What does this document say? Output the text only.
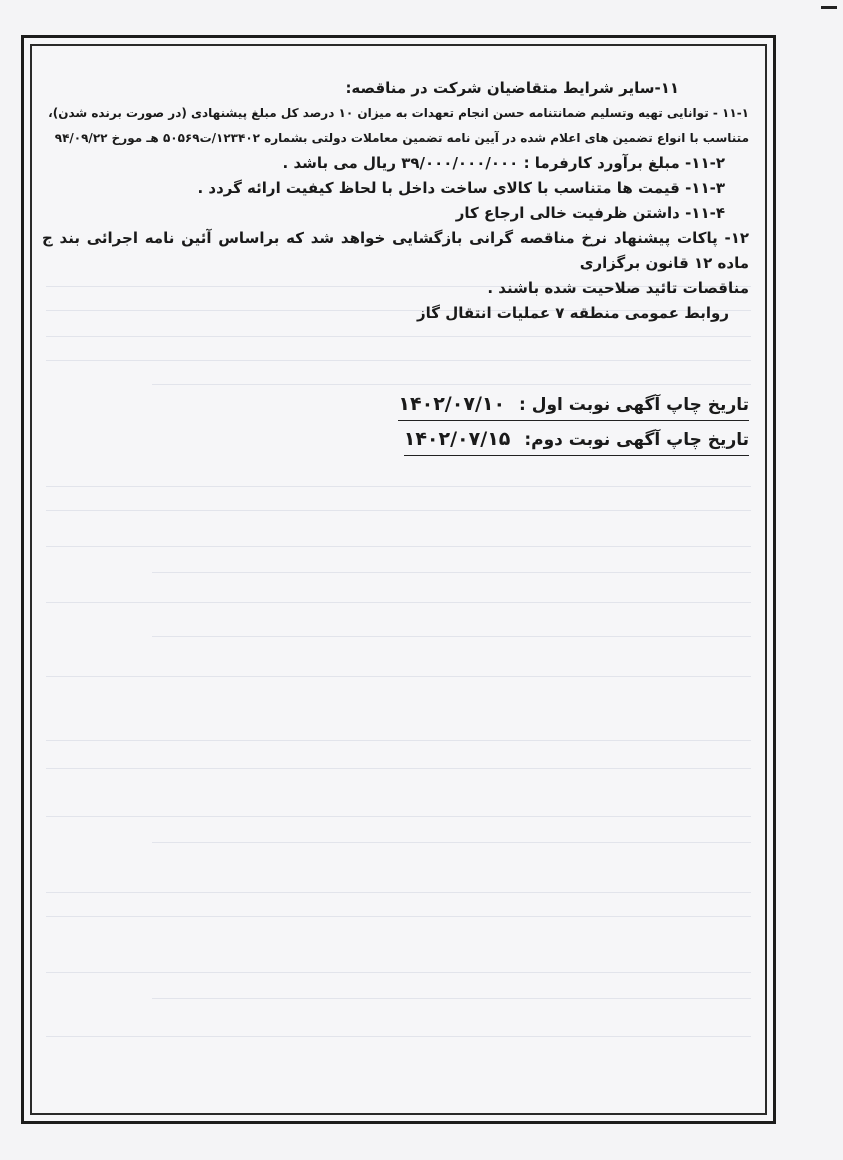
۱۱-سایر شرایط متقاضیان شرکت در مناقصه:
۱۱-۱ - توانایی تهیه وتسلیم ضمانتنامه حسن انجام تعهدات به میزان ۱۰ درصد کل مبلغ پیشنهادی (در صورت برنده شدن)،
متناسب با انواع تضمین های اعلام شده در آیین نامه تضمین معاملات دولتی بشماره ۱۲۳۴۰۲/ت۵۰۵۶۹ هـ مورخ ۹۴/۰۹/۲۲
۱۱-۲- مبلغ برآورد کارفرما : ۳۹/۰۰۰/۰۰۰/۰۰۰ ریال می باشد .
۱۱-۳- قیمت ها متناسب با کالای ساخت داخل با لحاظ کیفیت ارائه گردد .
۱۱-۴- داشتن ظرفیت خالی ارجاع کار
۱۲- پاکات پیشنهاد نرخ مناقصه گرانی بازگشایی خواهد شد که براساس آئین نامه اجرائی بند ج ماده ۱۲ قانون برگزاری
مناقصات تائید صلاحیت شده باشند .
روابط عمومی منطقه ۷ عملیات انتقال گاز
تاریخ چاپ آگهی نوبت اول : ۱۴۰۲/۰۷/۱۰
تاریخ چاپ آگهی نوبت دوم: ۱۴۰۲/۰۷/۱۵
